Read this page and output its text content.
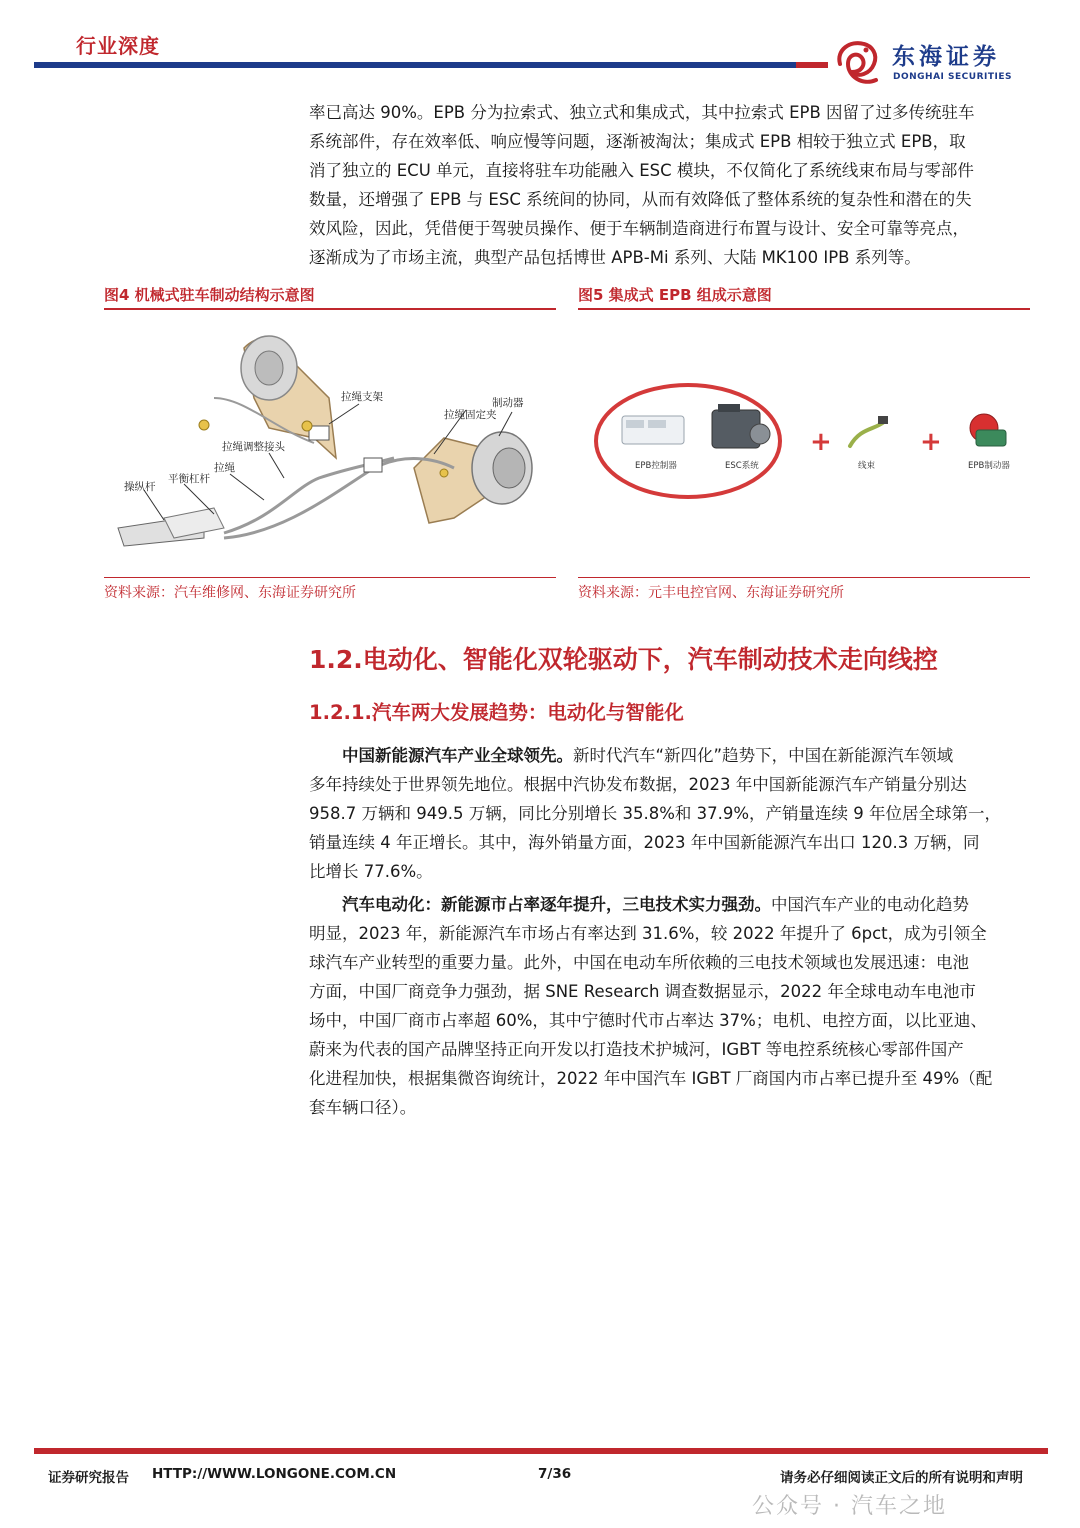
行业深度	东海证券
DONGHAI SECURITIES
率已高达 90%。EPB 分为拉索式、独立式和集成式，其中拉索式 EPB 因留了过多传统驻车
系统部件，存在效率低、响应慢等问题，逐渐被淘汰；集成式 EPB 相较于独立式 EPB，取
消了独立的 ECU 单元，直接将驻车功能融入 ESC 模块，不仅简化了系统线束布局与零部件
数量，还增强了 EPB 与 ESC 系统间的协同，从而有效降低了整体系统的复杂性和潜在的失
效风险，因此，凭借便于驾驶员操作、便于车辆制造商进行布置与设计、安全可靠等亮点，
逐渐成为了市场主流，典型产品包括博世 APB-Mi 系列、大陆 MK100 IPB 系列等。
图4 机械式驻车制动结构示意图
拉绳支架	制动器
拉绳固定夹
拉绳调整接头
拉绳
平衡杠杆
操纵杆
资料来源：汽车维修网、东海证券研究所
图5 集成式 EPB 组成示意图
EPB控制器	ESC系统
+
线束
+
EPB制动器
资料来源：元丰电控官网、东海证券研究所
1.2.电动化、智能化双轮驱动下，汽车制动技术走向线控
1.2.1.汽车两大发展趋势：电动化与智能化
中国新能源汽车产业全球领先。新时代汽车“新四化”趋势下，中国在新能源汽车领域
多年持续处于世界领先地位。根据中汽协发布数据，2023 年中国新能源汽车产销量分别达
958.7 万辆和 949.5 万辆，同比分别增长 35.8%和 37.9%，产销量连续 9 年位居全球第一，
销量连续 4 年正增长。其中，海外销量方面，2023 年中国新能源汽车出口 120.3 万辆，同
比增长 77.6%。
汽车电动化：新能源市占率逐年提升，三电技术实力强劲。中国汽车产业的电动化趋势
明显，2023 年，新能源汽车市场占有率达到 31.6%，较 2022 年提升了 6pct，成为引领全
球汽车产业转型的重要力量。此外，中国在电动车所依赖的三电技术领域也发展迅速：电池
方面，中国厂商竞争力强劲，据 SNE Research 调查数据显示，2022 年全球电动车电池市
场中，中国厂商市占率超 60%，其中宁德时代市占率达 37%；电机、电控方面，以比亚迪、
蔚来为代表的国产品牌坚持正向开发以打造技术护城河，IGBT 等电控系统核心零部件国产
化进程加快，根据集微咨询统计，2022 年中国汽车 IGBT 厂商国内市占率已提升至 49%（配
套车辆口径）。
证券研究报告 HTTP://WWW.LONGONE.COM.CN	7/36	请务必仔细阅读正文后的所有说明和声明
公众号 · 汽车之地
